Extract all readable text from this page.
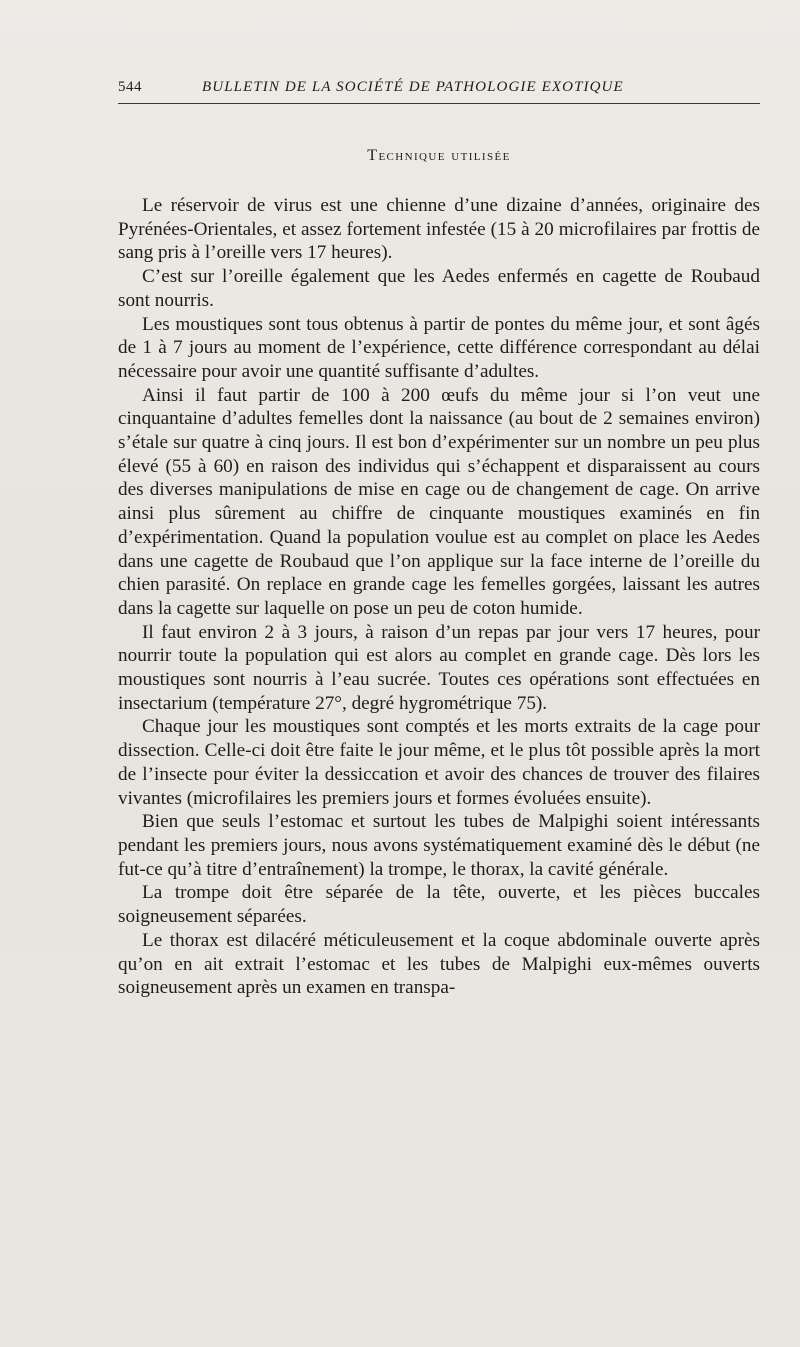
544	BULLETIN DE LA SOCIÉTÉ DE PATHOLOGIE EXOTIQUE
Technique utilisée

Le réservoir de virus est une chienne d’une dizaine d’années, originaire des Pyrénées-Orientales, et assez fortement infestée (15 à 20 microfilaires par frottis de sang pris à l’oreille vers 17 heures).

C’est sur l’oreille également que les Aedes enfermés en cagette de Roubaud sont nourris.

Les moustiques sont tous obtenus à partir de pontes du même jour, et sont âgés de 1 à 7 jours au moment de l’expérience, cette différence correspondant au délai nécessaire pour avoir une quantité suffisante d’adultes.

Ainsi il faut partir de 100 à 200 œufs du même jour si l’on veut une cinquantaine d’adultes femelles dont la naissance (au bout de 2 semaines environ) s’étale sur quatre à cinq jours. Il est bon d’expérimenter sur un nombre un peu plus élevé (55 à 60) en raison des individus qui s’échappent et disparaissent au cours des diverses manipulations de mise en cage ou de changement de cage. On arrive ainsi plus sûrement au chiffre de cinquante moustiques examinés en fin d’expérimentation. Quand la population voulue est au complet on place les Aedes dans une cagette de Roubaud que l’on applique sur la face interne de l’oreille du chien parasité. On replace en grande cage les femelles gorgées, laissant les autres dans la cagette sur laquelle on pose un peu de coton humide.

Il faut environ 2 à 3 jours, à raison d’un repas par jour vers 17 heures, pour nourrir toute la population qui est alors au complet en grande cage. Dès lors les moustiques sont nourris à l’eau sucrée. Toutes ces opérations sont effectuées en insectarium (température 27°, degré hygrométrique 75).

Chaque jour les moustiques sont comptés et les morts extraits de la cage pour dissection. Celle-ci doit être faite le jour même, et le plus tôt possible après la mort de l’insecte pour éviter la dessiccation et avoir des chances de trouver des filaires vivantes (microfilaires les premiers jours et formes évoluées ensuite).

Bien que seuls l’estomac et surtout les tubes de Malpighi soient intéressants pendant les premiers jours, nous avons systématiquement examiné dès le début (ne fut-ce qu’à titre d’entraînement) la trompe, le thorax, la cavité générale.

La trompe doit être séparée de la tête, ouverte, et les pièces buccales soigneusement séparées.

Le thorax est dilacéré méticuleusement et la coque abdominale ouverte après qu’on en ait extrait l’estomac et les tubes de Malpighi eux-mêmes ouverts soigneusement après un examen en transpa-
